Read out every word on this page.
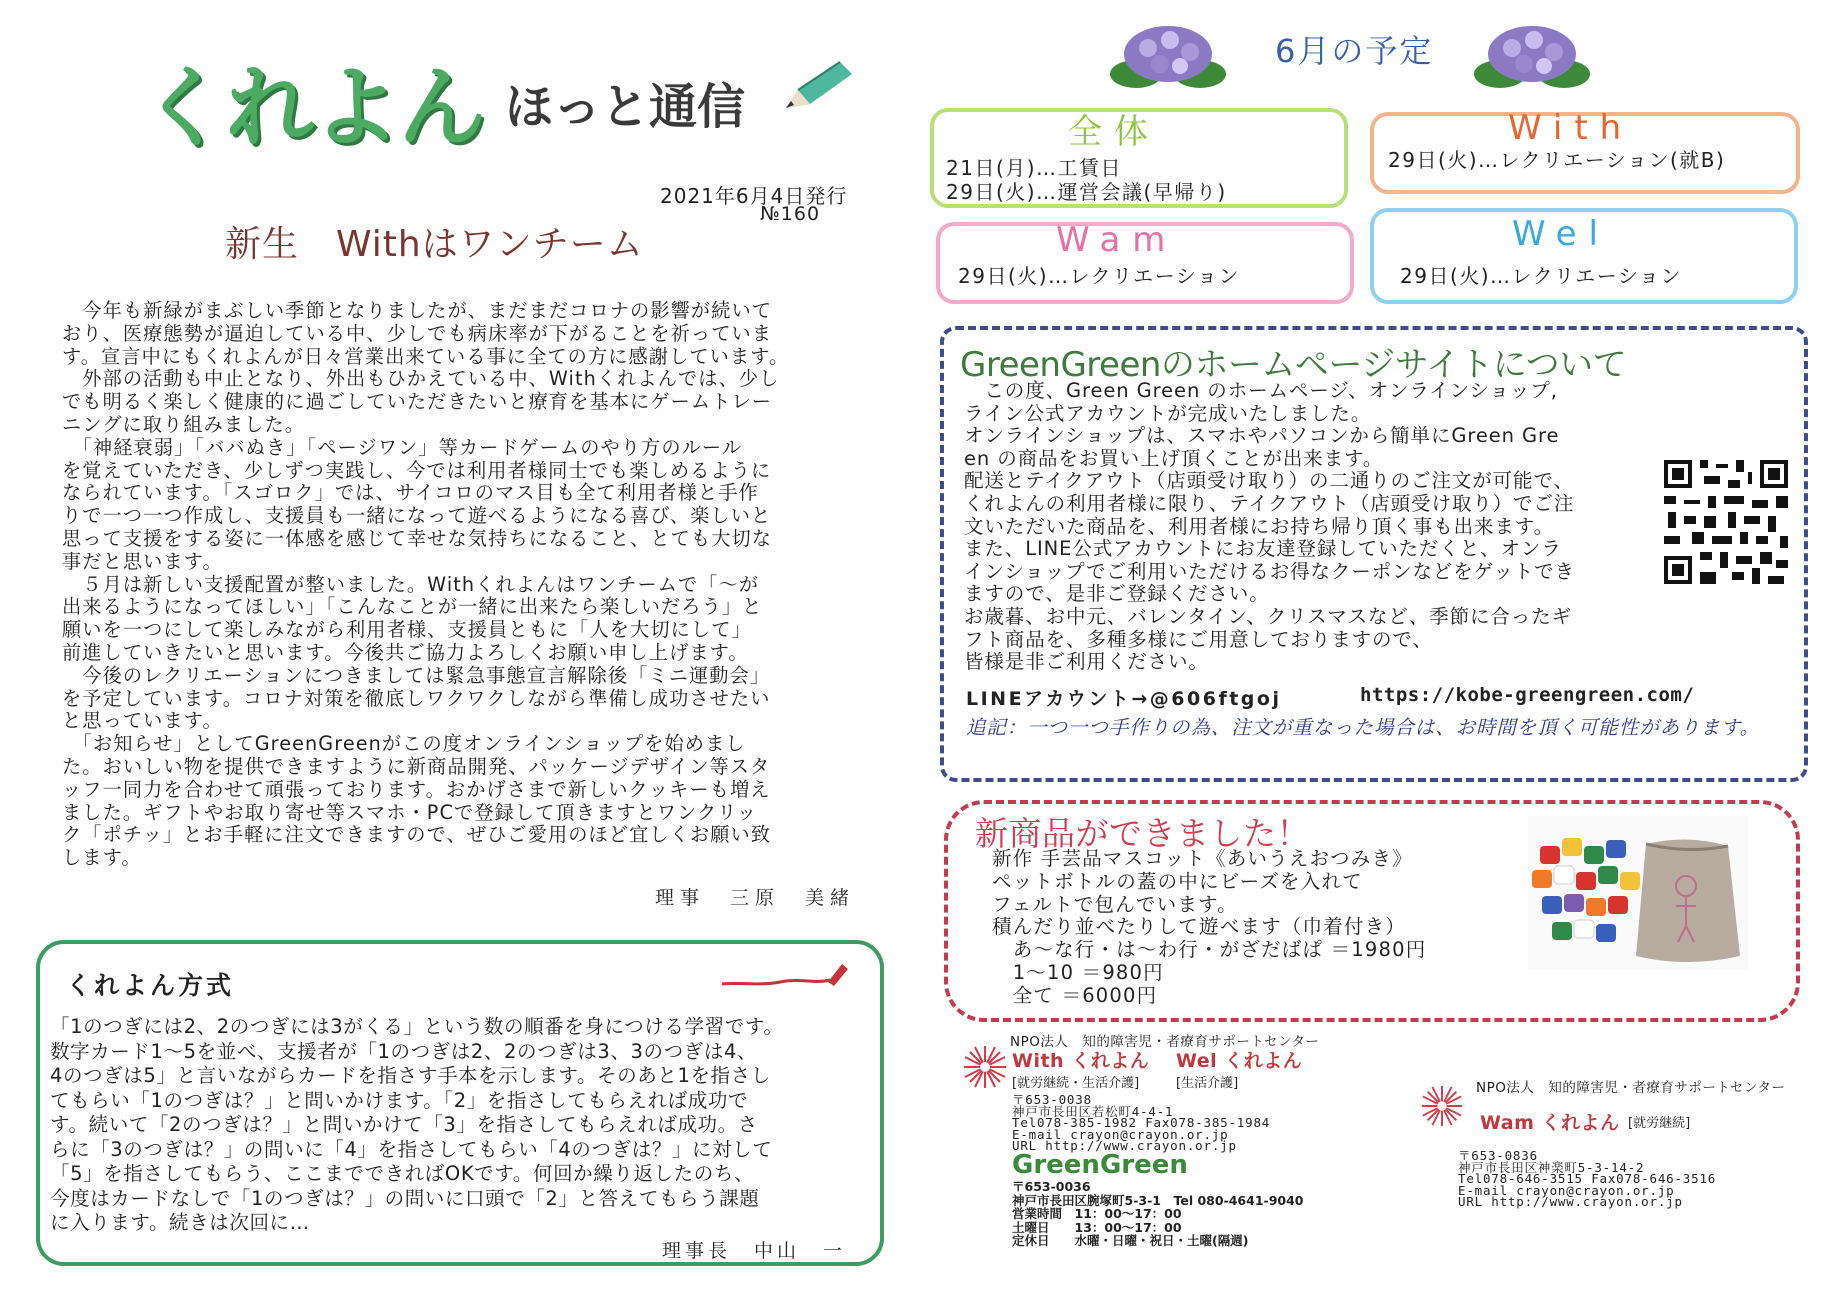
くれよん ほっと通信
2021年6月4日発行
№160
新生　Withはワンチーム
　今年も新緑がまぶしい季節となりましたが、まだまだコロナの影響が続いて
おり、医療態勢が逼迫している中、少しでも病床率が下がることを祈っていま
す。宣言中にもくれよんが日々営業出来ている事に全ての方に感謝しています。
　外部の活動も中止となり、外出もひかえている中、Withくれよんでは、少し
でも明るく楽しく健康的に過ごしていただきたいと療育を基本にゲームトレー
ニングに取り組みました。
　「神経衰弱」「ババぬき」「ページワン」等カードゲームのやり方のルール
を覚えていただき、少しずつ実践し、今では利用者様同士でも楽しめるように
なられています。「スゴロク」では、サイコロのマス目も全て利用者様と手作
りで一つ一つ作成し、支援員も一緒になって遊べるようになる喜び、楽しいと
思って支援をする姿に一体感を感じて幸せな気持ちになること、とても大切な
事だと思います。
　５月は新しい支援配置が整いました。Withくれよんはワンチームで「～が
出来るようになってほしい」「こんなことが一緒に出来たら楽しいだろう」と
願いを一つにして楽しみながら利用者様、支援員ともに「人を大切にして」
前進していきたいと思います。今後共ご協力よろしくお願い申し上げます。
　今後のレクリエーションにつきましては緊急事態宣言解除後「ミニ運動会」
を予定しています。コロナ対策を徹底しワクワクしながら準備し成功させたい
と思っています。
　「お知らせ」としてGreenGreenがこの度オンラインショップを始めまし
た。おいしい物を提供できますように新商品開発、パッケージデザイン等スタ
ッフ一同力を合わせて頑張っております。おかげさまで新しいクッキーも増え
ました。ギフトやお取り寄せ等スマホ・PCで登録して頂きますとワンクリッ
ク「ポチッ」とお手軽に注文できますので、ぜひご愛用のほど宜しくお願い致
します。
理事　三原　美緒
くれよん方式
「1のつぎには2、2のつぎには3がくる」という数の順番を身につける学習です。
数字カード1～5を並べ、支援者が「1のつぎは2、2のつぎは3、3のつぎは4、
4のつぎは5」と言いながらカードを指さす手本を示します。そのあと1を指さし
てもらい「1のつぎは？」と問いかけます。「2」を指さしてもらえれば成功で
す。続いて「2のつぎは？」と問いかけて「3」を指さしてもらえれば成功。さ
らに「3のつぎは？」の問いに「4」を指さしてもらい「4のつぎは？」に対して
「5」を指さしてもらう、ここまでできればOKです。何回か繰り返したのち、
今度はカードなしで「1のつぎは？」の問いに口頭で「2」と答えてもらう課題
に入ります。続きは次回に…
理事長　中山　一
6月の予定
全体
21日(月)…工賃日
29日(火)…運営会議(早帰り)
With
29日(火)…レクリエーション(就B)
Wam
29日(火)…レクリエーション
Wel
29日(火)…レクリエーション
GreenGreenのホームページサイトについて
　この度、Green Green のホームページ、オンラインショップ,
ライン公式アカウントが完成いたしました。
オンラインショップは、スマホやパソコンから簡単にGreen Gre
en の商品をお買い上げ頂くことが出来ます。
配送とテイクアウト（店頭受け取り）の二通りのご注文が可能で、
くれよんの利用者様に限り、テイクアウト（店頭受け取り）でご注
文いただいた商品を、利用者様にお持ち帰り頂く事も出来ます。
また、LINE公式アカウントにお友達登録していただくと、オンラ
インショップでご利用いただけるお得なクーポンなどをゲットでき
ますので、是非ご登録ください。
お歳暮、お中元、バレンタイン、クリスマスなど、季節に合ったギ
フト商品を、多種多様にご用意しておりますので、
皆様是非ご利用ください。
LINEアカウント→@606ftgoj	https://kobe-greengreen.com/
追記：一つ一つ手作りの為、注文が重なった場合は、お時間を頂く可能性があります。
新商品ができました！
新作 手芸品マスコット《あいうえおつみき》
ペットボトルの蓋の中にビーズを入れて
フェルトで包んでいます。
積んだり並べたりして遊べます（巾着付き）
　あ～な行・は～わ行・がざだばぱ ＝1980円
　1～10 ＝980円
　全て ＝6000円
NPO法人　知的障害児・者療育サポートセンター
With くれよん Wel くれよん
[就労継続・生活介護]	[生活介護]
〒653-0038
神戸市長田区若松町4-4-1
Tel078-385-1982 Fax078-385-1984
E-mail crayon@crayon.or.jp
URL http://www.crayon.or.jp
GreenGreen
〒653-0036
神戸市長田区腕塚町5-3-1　Tel 080-4641-9040
営業時間　11：00～17：00
土曜日　　13：00～17：00
定休日　　水曜・日曜・祝日・土曜(隔週)
NPO法人　知的障害児・者療育サポートセンター
Wam くれよん [就労継続]
〒653-0836
神戸市長田区神楽町5-3-14-2
Tel078-646-3515 Fax078-646-3516
E-mail crayon@crayon.or.jp
URL http://www.crayon.or.jp
